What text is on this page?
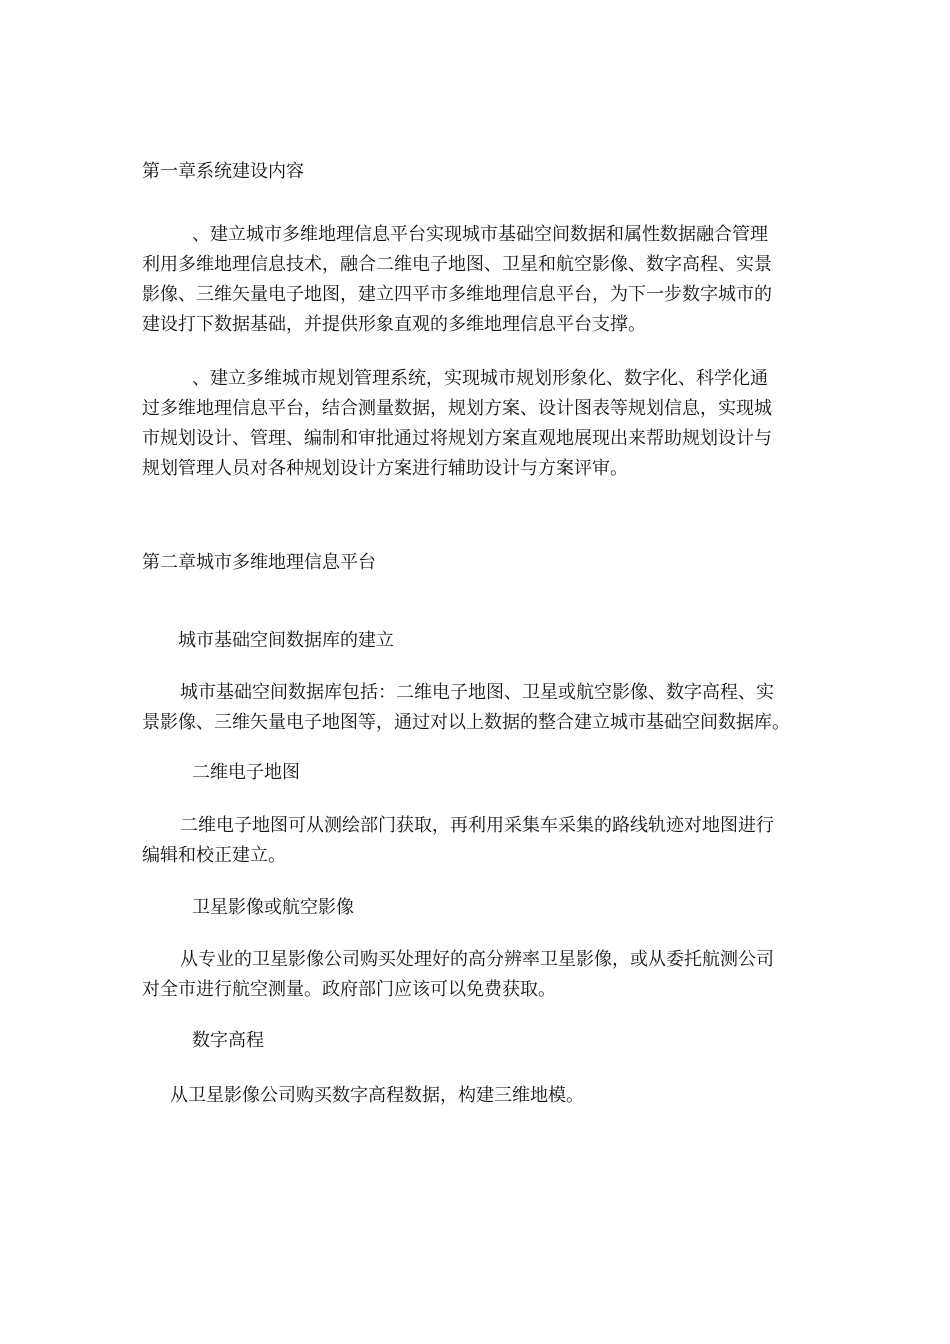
第一章系统建设内容
、建立城市多维地理信息平台实现城市基础空间数据和属性数据融合管理
利用多维地理信息技术，融合二维电子地图、卫星和航空影像、数字高程、实景
影像、三维矢量电子地图，建立四平市多维地理信息平台，为下一步数字城市的
建设打下数据基础，并提供形象直观的多维地理信息平台支撑。
、建立多维城市规划管理系统，实现城市规划形象化、数字化、科学化通
过多维地理信息平台，结合测量数据，规划方案、设计图表等规划信息，实现城
市规划设计、管理、编制和审批通过将规划方案直观地展现出来帮助规划设计与
规划管理人员对各种规划设计方案进行辅助设计与方案评审。
第二章城市多维地理信息平台
城市基础空间数据库的建立
城市基础空间数据库包括：二维电子地图、卫星或航空影像、数字高程、实
景影像、三维矢量电子地图等，通过对以上数据的整合建立城市基础空间数据库。
二维电子地图
二维电子地图可从测绘部门获取，再利用采集车采集的路线轨迹对地图进行
编辑和校正建立。
卫星影像或航空影像
从专业的卫星影像公司购买处理好的高分辨率卫星影像，或从委托航测公司
对全市进行航空测量。政府部门应该可以免费获取。
数字高程
从卫星影像公司购买数字高程数据，构建三维地模。
